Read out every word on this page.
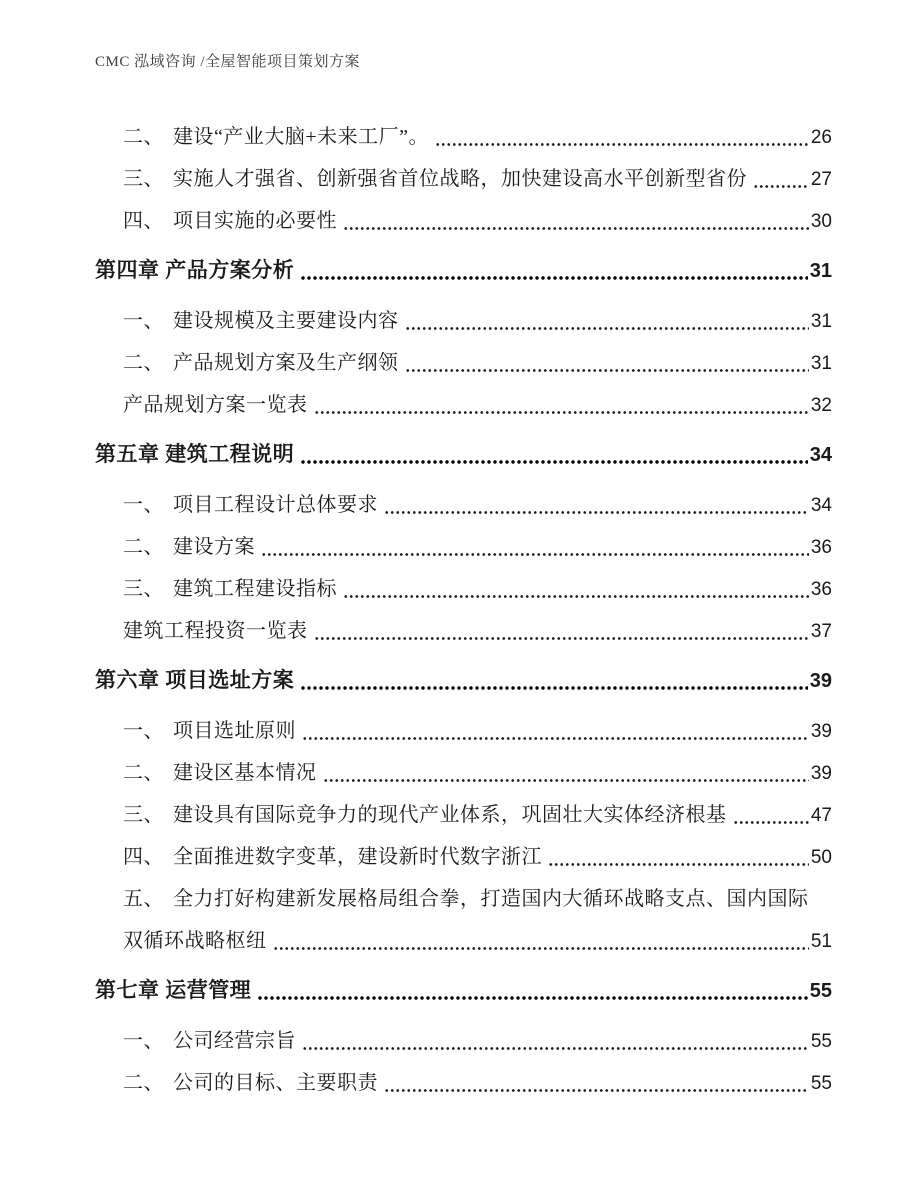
CMC 泓域咨询 /全屋智能项目策划方案
二、 建设“产业大脑+未来工厂”。	26
三、 实施人才强省、创新强省首位战略，加快建设高水平创新型省份	27
四、 项目实施的必要性	30
第四章 产品方案分析	31
一、 建设规模及主要建设内容	31
二、 产品规划方案及生产纲领	31
产品规划方案一览表	32
第五章 建筑工程说明	34
一、 项目工程设计总体要求	34
二、 建设方案	36
三、 建筑工程建设指标	36
建筑工程投资一览表	37
第六章 项目选址方案	39
一、 项目选址原则	39
二、 建设区基本情况	39
三、 建设具有国际竞争力的现代产业体系，巩固壮大实体经济根基	47
四、 全面推进数字变革，建设新时代数字浙江	50
五、 全力打好构建新发展格局组合拳，打造国内大循环战略支点、国内国际
双循环战略枢纽	51
第七章 运营管理	55
一、 公司经营宗旨	55
二、 公司的目标、主要职责	55
